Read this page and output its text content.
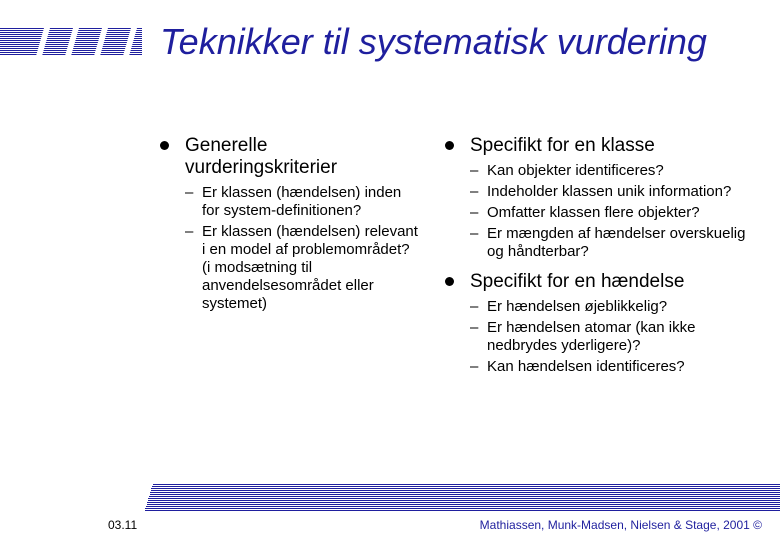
Teknikker til systematisk vurdering
Generelle vurderingskriterier
– Er klassen (hændelsen) inden for system-definitionen?
– Er klassen (hændelsen) relevant i en model af problemområdet? (i modsætning til anvendelsesområdet eller systemet)
Specifikt for en klasse
– Kan objekter identificeres?
– Indeholder klassen unik information?
– Omfatter klassen flere objekter?
– Er mængden af hændelser overskuelig og håndterbar?
Specifikt for en hændelse
– Er hændelsen øjeblikkelig?
– Er hændelsen atomar (kan ikke nedbrydes yderligere)?
– Kan hændelsen identificeres?
03.11	Mathiassen, Munk-Madsen, Nielsen & Stage, 2001 ©
